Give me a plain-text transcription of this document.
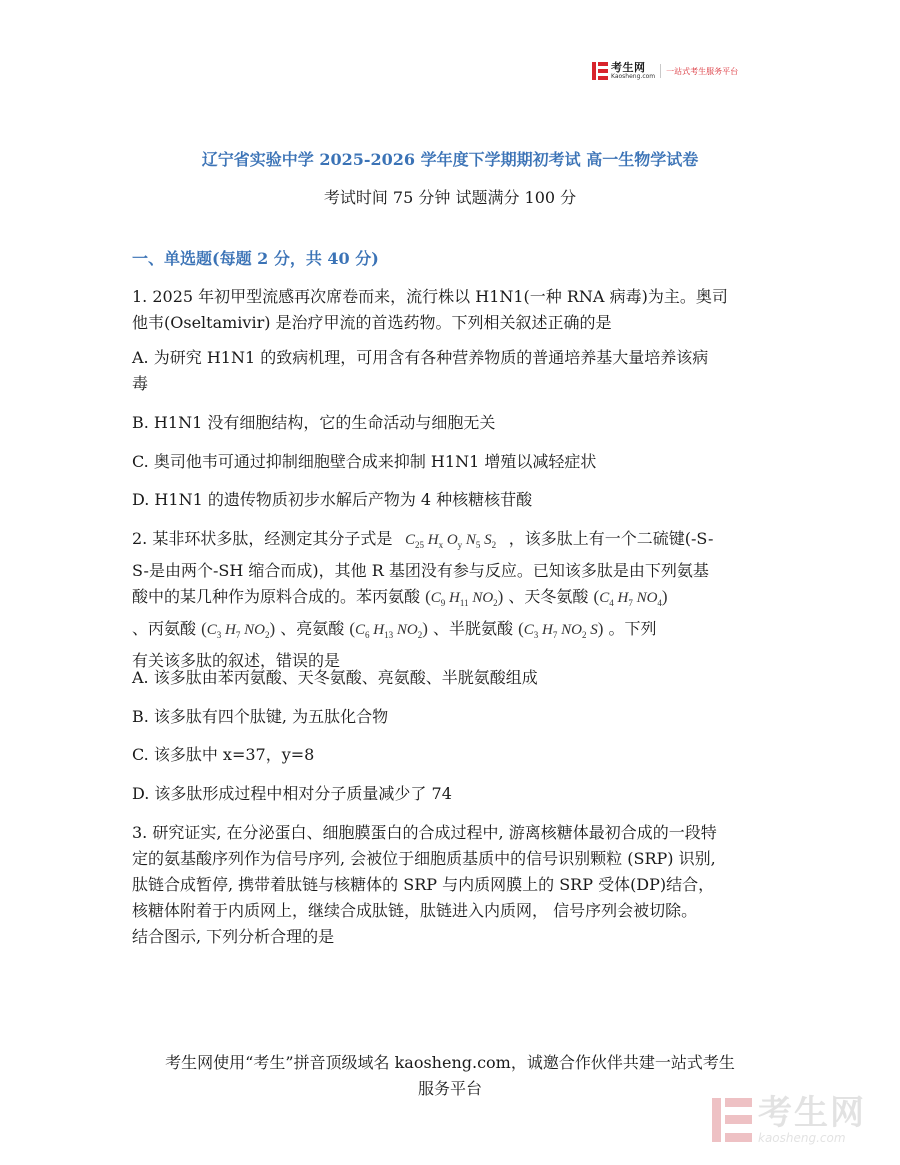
考生网
Kaosheng.com
一站式考生服务平台
辽宁省实验中学 2025-2026 学年度下学期期初考试 高一生物学试卷
考试时间 75 分钟 试题满分 100 分
一、单选题(每题 2 分，共 40 分)
1. 2025 年初甲型流感再次席卷而来，流行株以 H1N1(一种 RNA 病毒)为主。奥司
他韦(Oseltamivir) 是治疗甲流的首选药物。下列相关叙述正确的是
A. 为研究 H1N1 的致病机理，可用含有各种营养物质的普通培养基大量培养该病
毒
B. H1N1 没有细胞结构，它的生命活动与细胞无关
C. 奥司他韦可通过抑制细胞壁合成来抑制 H1N1 增殖以减轻症状
D. H1N1 的遗传物质初步水解后产物为 4 种核糖核苷酸
2. 某非环状多肽，经测定其分子式是   $C_{25}$ $H_x$ $O_y$ $N_5$ $S_2$ ，该多肽上有一个二硫键(-S-
S-是由两个-SH 缩合而成)，其他 R 基团没有参与反应。已知该多肽是由下列氨基
酸中的某几种作为原料合成的。苯丙氨酸 ($C_9$ $H_{11}$ $NO_2$) 、天冬氨酸 ($C_4$ $H_7$ $NO_4$)
、丙氨酸 ($C_3$ $H_7$ $NO_2$) 、亮氨酸 ($C_6$ $H_{13}$ $NO_2$) 、半胱氨酸 ($C_3$ $H_7$ $NO_2$ S) 。下列
有关该多肽的叙述，错误的是
A. 该多肽由苯丙氨酸、天冬氨酸、亮氨酸、半胱氨酸组成
B. 该多肽有四个肽键, 为五肽化合物
C. 该多肽中 x=37，y=8
D. 该多肽形成过程中相对分子质量减少了 74
3. 研究证实, 在分泌蛋白、细胞膜蛋白的合成过程中, 游离核糖体最初合成的一段特
定的氨基酸序列作为信号序列, 会被位于细胞质基质中的信号识别颗粒 (SRP) 识别,
肽链合成暂停, 携带着肽链与核糖体的 SRP 与内质网膜上的 SRP 受体(DP)结合，
核糖体附着于内质网上，继续合成肽链，肽链进入内质网， 信号序列会被切除。
结合图示, 下列分析合理的是
考生网使用“考生”拼音顶级域名 kaosheng.com，诚邀合作伙伴共建一站式考生
服务平台
考生网
kaosheng.com
